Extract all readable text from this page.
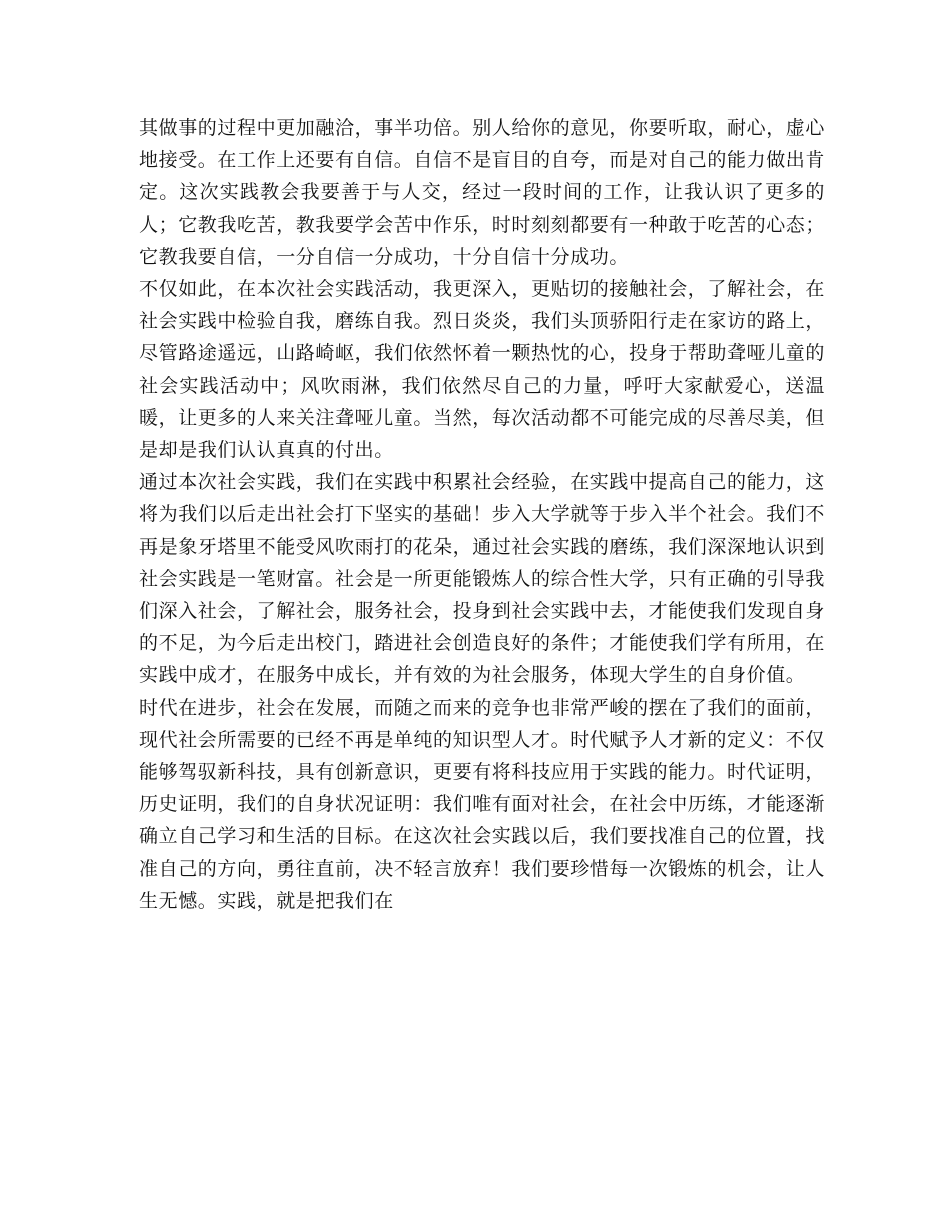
其做事的过程中更加融洽，事半功倍。别人给你的意见，你要听取，耐心，虚心地接受。在工作上还要有自信。自信不是盲目的自夸，而是对自己的能力做出肯定。这次实践教会我要善于与人交，经过一段时间的工作，让我认识了更多的人；它教我吃苦，教我要学会苦中作乐，时时刻刻都要有一种敢于吃苦的心态；它教我要自信，一分自信一分成功，十分自信十分成功。

不仅如此，在本次社会实践活动，我更深入，更贴切的接触社会，了解社会，在社会实践中检验自我，磨练自我。烈日炎炎，我们头顶骄阳行走在家访的路上，尽管路途遥远，山路崎岖，我们依然怀着一颗热忱的心，投身于帮助聋哑儿童的社会实践活动中；风吹雨淋，我们依然尽自己的力量，呼吁大家献爱心，送温暖，让更多的人来关注聋哑儿童。当然，每次活动都不可能完成的尽善尽美，但是却是我们认认真真的付出。

通过本次社会实践，我们在实践中积累社会经验，在实践中提高自己的能力，这将为我们以后走出社会打下坚实的基础！步入大学就等于步入半个社会。我们不再是象牙塔里不能受风吹雨打的花朵，通过社会实践的磨练，我们深深地认识到社会实践是一笔财富。社会是一所更能锻炼人的综合性大学，只有正确的引导我们深入社会，了解社会，服务社会，投身到社会实践中去，才能使我们发现自身的不足，为今后走出校门，踏进社会创造良好的条件；才能使我们学有所用，在实践中成才，在服务中成长，并有效的为社会服务，体现大学生的自身价值。

时代在进步，社会在发展，而随之而来的竞争也非常严峻的摆在了我们的面前，现代社会所需要的已经不再是单纯的知识型人才。时代赋予人才新的定义：不仅能够驾驭新科技，具有创新意识，更要有将科技应用于实践的能力。时代证明，历史证明，我们的自身状况证明：我们唯有面对社会，在社会中历练，才能逐渐确立自己学习和生活的目标。在这次社会实践以后，我们要找准自己的位置，找准自己的方向，勇往直前，决不轻言放弃！我们要珍惜每一次锻炼的机会，让人生无憾。实践，就是把我们在
